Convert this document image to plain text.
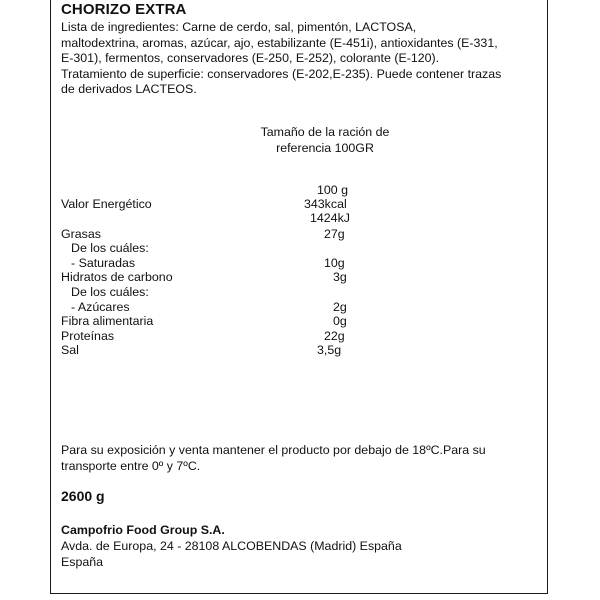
CHORIZO EXTRA
Lista de ingredientes: Carne de cerdo, sal, pimentón, LACTOSA,
maltodextrina, aromas, azúcar, ajo, estabilizante (E-451i), antioxidantes (E-331,
E-301), fermentos, conservadores (E-250, E-252), colorante (E-120).
Tratamiento de superficie: conservadores (E-202,E-235). Puede contener trazas
de derivados LACTEOS.
Tamaño de la ración de
referencia 100GR
100 g
Valor Energético	343kcal
1424kJ
Grasas	27g
De los cuáles:
- Saturadas	10g
Hidratos de carbono	3g
De los cuáles:
- Azúcares	2g
Fibra alimentaria	0g
Proteínas	22g
Sal	3,5g
Para su exposición y venta mantener el producto por debajo de 18ºC.Para su
transporte entre 0º y 7ºC.
2600 g
Campofrio Food Group S.A.
Avda. de Europa, 24 - 28108 ALCOBENDAS (Madrid) España
España
